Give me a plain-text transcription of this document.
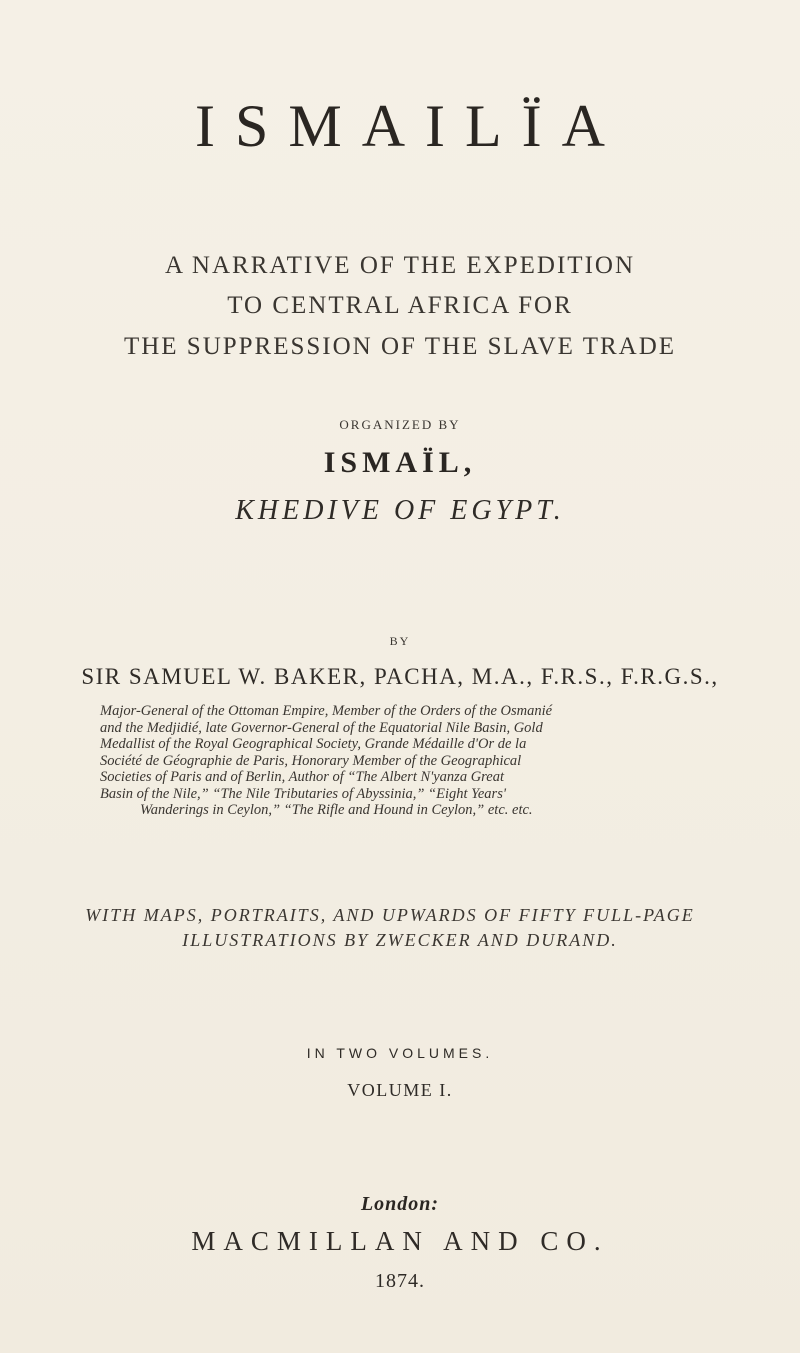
ISMAILÏA
A NARRATIVE OF THE EXPEDITION
TO CENTRAL AFRICA FOR
THE SUPPRESSION OF THE SLAVE TRADE
ORGANIZED BY
ISMAÏL,
KHEDIVE OF EGYPT.
BY
SIR SAMUEL W. BAKER, PACHA, M.A., F.R.S., F.R.G.S.,
Major-General of the Ottoman Empire, Member of the Orders of the Osmanié
and the Medjidié, late Governor-General of the Equatorial Nile Basin, Gold
Medallist of the Royal Geographical Society, Grande Médaille d'Or de la
Société de Géographie de Paris, Honorary Member of the Geographical
Societies of Paris and of Berlin, Author of “The Albert N'yanza Great
Basin of the Nile,” “The Nile Tributaries of Abyssinia,” “Eight Years'
Wanderings in Ceylon,” “The Rifle and Hound in Ceylon,” etc. etc.
WITH MAPS, PORTRAITS, AND UPWARDS OF FIFTY FULL-PAGE
ILLUSTRATIONS BY ZWECKER AND DURAND.
IN TWO VOLUMES.
VOLUME I.
London:
MACMILLAN AND CO.
1874.
